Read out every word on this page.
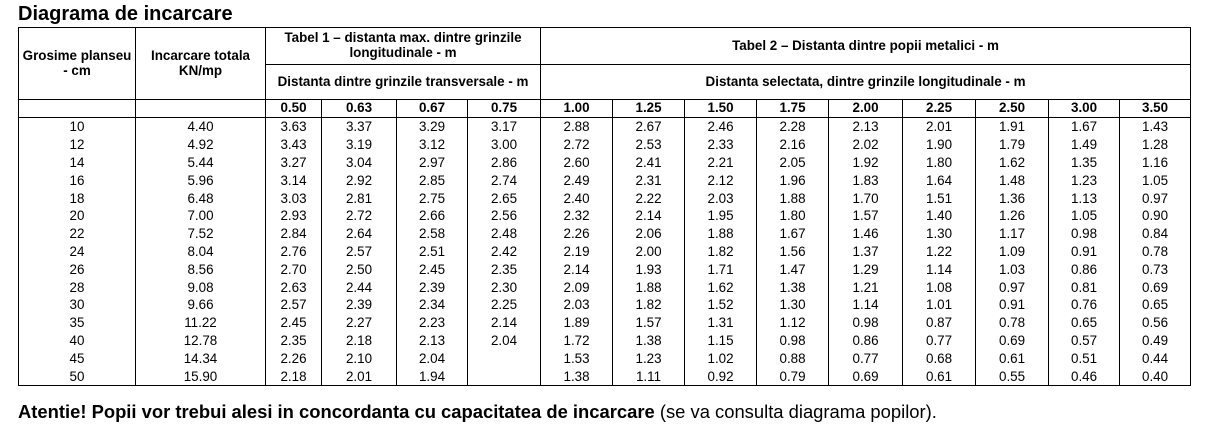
Diagrama de incarcare
Grosime planseu - cm	Incarcare totala KN/mp	Tabel 1 – distanta max. dintre grinzile longitudinale - m				Tabel 2 – Distanta dintre popii metalici - m								
		Distanta dintre grinzile transversale - m				Distanta selectata, dintre grinzile longitudinale - m								
		0.50	0.63	0.67	0.75	1.00	1.25	1.50	1.75	2.00	2.25	2.50	3.00	3.50
10	4.40	3.63	3.37	3.29	3.17	2.88	2.67	2.46	2.28	2.13	2.01	1.91	1.67	1.43
12	4.92	3.43	3.19	3.12	3.00	2.72	2.53	2.33	2.16	2.02	1.90	1.79	1.49	1.28
14	5.44	3.27	3.04	2.97	2.86	2.60	2.41	2.21	2.05	1.92	1.80	1.62	1.35	1.16
16	5.96	3.14	2.92	2.85	2.74	2.49	2.31	2.12	1.96	1.83	1.64	1.48	1.23	1.05
18	6.48	3.03	2.81	2.75	2.65	2.40	2.22	2.03	1.88	1.70	1.51	1.36	1.13	0.97
20	7.00	2.93	2.72	2.66	2.56	2.32	2.14	1.95	1.80	1.57	1.40	1.26	1.05	0.90
22	7.52	2.84	2.64	2.58	2.48	2.26	2.06	1.88	1.67	1.46	1.30	1.17	0.98	0.84
24	8.04	2.76	2.57	2.51	2.42	2.19	2.00	1.82	1.56	1.37	1.22	1.09	0.91	0.78
26	8.56	2.70	2.50	2.45	2.35	2.14	1.93	1.71	1.47	1.29	1.14	1.03	0.86	0.73
28	9.08	2.63	2.44	2.39	2.30	2.09	1.88	1.62	1.38	1.21	1.08	0.97	0.81	0.69
30	9.66	2.57	2.39	2.34	2.25	2.03	1.82	1.52	1.30	1.14	1.01	0.91	0.76	0.65
35	11.22	2.45	2.27	2.23	2.14	1.89	1.57	1.31	1.12	0.98	0.87	0.78	0.65	0.56
40	12.78	2.35	2.18	2.13	2.04	1.72	1.38	1.15	0.98	0.86	0.77	0.69	0.57	0.49
45	14.34	2.26	2.10	2.04		1.53	1.23	1.02	0.88	0.77	0.68	0.61	0.51	0.44
50	15.90	2.18	2.01	1.94		1.38	1.11	0.92	0.79	0.69	0.61	0.55	0.46	0.40

Atentie! Popii vor trebui alesi in concordanta cu capacitatea de incarcare (se va consulta diagrama popilor).
